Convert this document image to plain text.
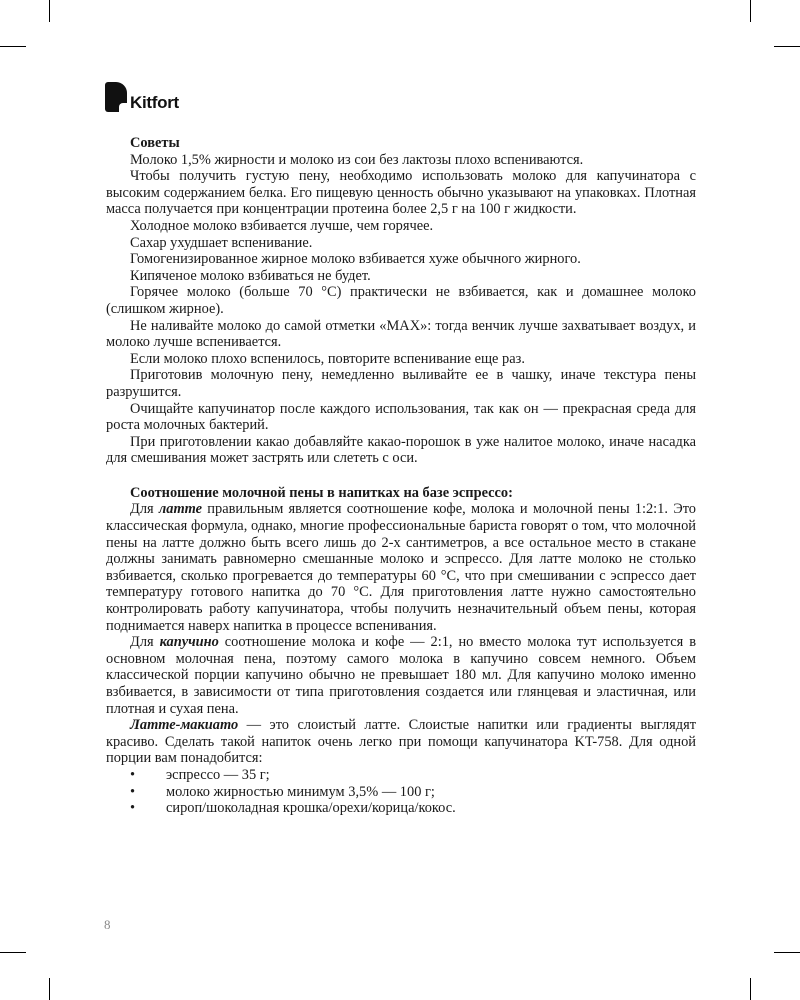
Kitfort

Советы

Молоко 1,5% жирности и молоко из сои без лактозы плохо вспениваются.

Чтобы получить густую пену, необходимо использовать молоко для капучинатора с высоким содержанием белка. Его пищевую ценность обычно указывают на упаковках. Плотная масса получается при концентрации протеина более 2,5 г на 100 г жидкости.

Холодное молоко взбивается лучше, чем горячее.

Сахар ухудшает вспенивание.

Гомогенизированное жирное молоко взбивается хуже обычного жирного.

Кипяченое молоко взбиваться не будет.

Горячее молоко (больше 70 °С) практически не взбивается, как и домашнее молоко (слишком жирное).

Не наливайте молоко до самой отметки «MAX»: тогда венчик лучше захватывает воздух, и молоко лучше вспенивается.

Если молоко плохо вспенилось, повторите вспенивание еще раз.

Приготовив молочную пену, немедленно выливайте ее в чашку, иначе текстура пены разрушится.

Очищайте капучинатор после каждого использования, так как он — прекрасная среда для роста молочных бактерий.

При приготовлении какао добавляйте какао-порошок в уже налитое молоко, иначе насадка для смешивания может застрять или слететь с оси.

Соотношение молочной пены в напитках на базе эспрессо:

Для латте правильным является соотношение кофе, молока и молочной пены 1:2:1. Это классическая формула, однако, многие профессиональные бариста говорят о том, что молочной пены на латте должно быть всего лишь до 2-х сантиметров, а все остальное место в стакане должны занимать равномерно смешанные молоко и эспрессо. Для латте молоко не столько взбивается, сколько прогревается до температуры 60 °С, что при смешивании с эспрессо дает температуру готового напитка до 70 °С. Для приготовления латте нужно самостоятельно контролировать работу капучинатора, чтобы получить незначительный объем пены, которая поднимается наверх напитка в процессе вспенивания.

Для капучино соотношение молока и кофе — 2:1, но вместо молока тут используется в основном молочная пена, поэтому самого молока в капучино совсем немного. Объем классической порции капучино обычно не превышает 180 мл. Для капучино молоко именно взбивается, в зависимости от типа приготовления создается или глянцевая и эластичная, или плотная и сухая пена.

Латте-макиато — это слоистый латте. Слоистые напитки или градиенты выглядят красиво. Сделать такой напиток очень легко при помощи капучинатора KT-758. Для одной порции вам понадобится:

• эспрессо — 35 г;
• молоко жирностью минимум 3,5% — 100 г;
• сироп/шоколадная крошка/орехи/корица/кокос.
8
